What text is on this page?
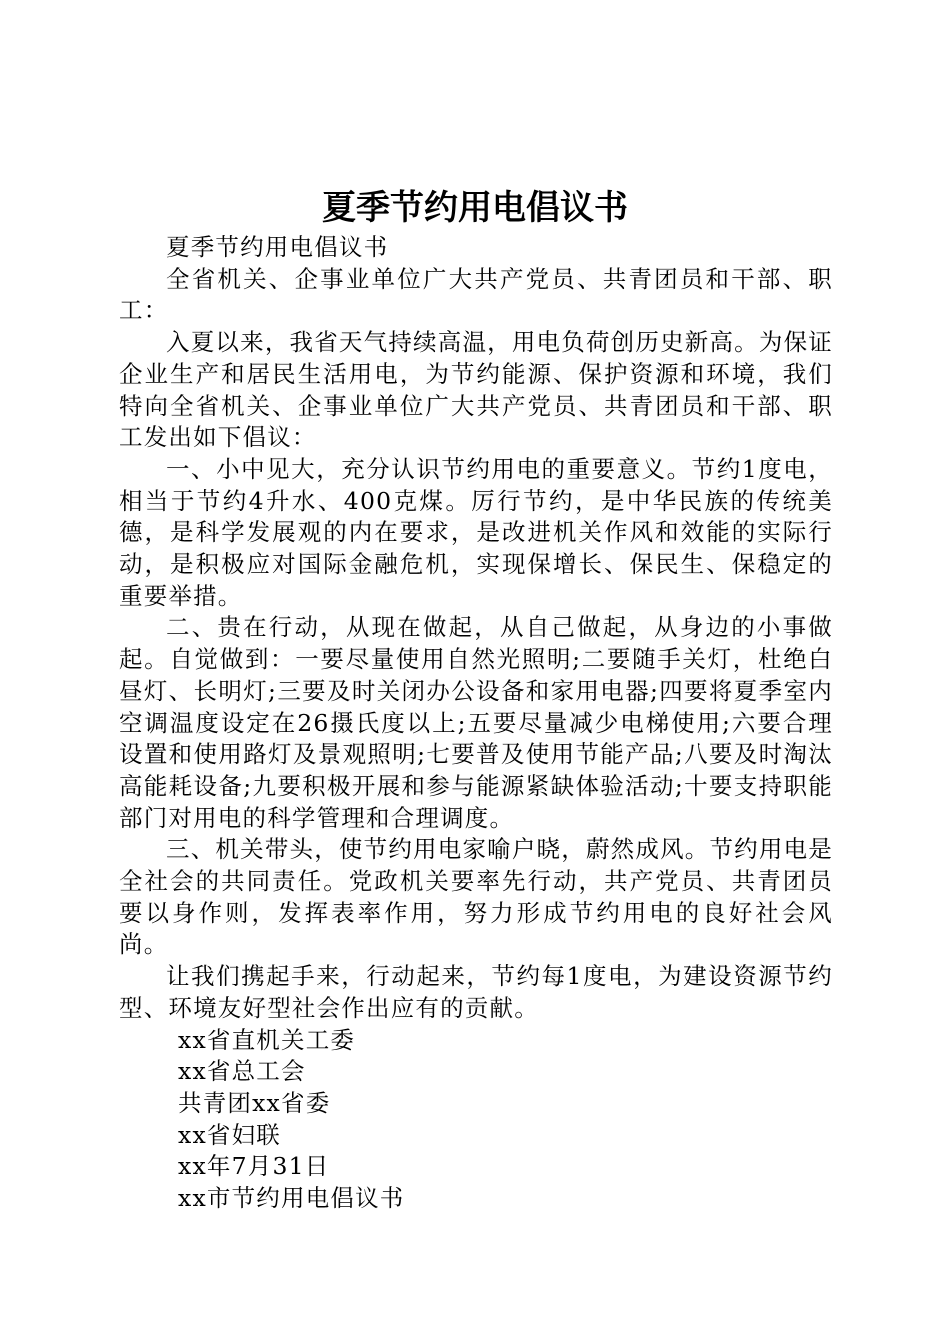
夏季节约用电倡议书

夏季节约用电倡议书

全省机关、企事业单位广大共产党员、共青团员和干部、职工：

入夏以来，我省天气持续高温，用电负荷创历史新高。为保证企业生产和居民生活用电，为节约能源、保护资源和环境，我们特向全省机关、企事业单位广大共产党员、共青团员和干部、职工发出如下倡议：

一、小中见大，充分认识节约用电的重要意义。节约1度电，相当于节约4升水、400克煤。厉行节约，是中华民族的传统美德，是科学发展观的内在要求，是改进机关作风和效能的实际行动，是积极应对国际金融危机，实现保增长、保民生、保稳定的重要举措。

二、贵在行动，从现在做起，从自己做起，从身边的小事做起。自觉做到：一要尽量使用自然光照明;二要随手关灯，杜绝白昼灯、长明灯;三要及时关闭办公设备和家用电器;四要将夏季室内空调温度设定在26摄氏度以上;五要尽量减少电梯使用;六要合理设置和使用路灯及景观照明;七要普及使用节能产品;八要及时淘汰高能耗设备;九要积极开展和参与能源紧缺体验活动;十要支持职能部门对用电的科学管理和合理调度。

三、机关带头，使节约用电家喻户晓，蔚然成风。节约用电是全社会的共同责任。党政机关要率先行动，共产党员、共青团员要以身作则，发挥表率作用，努力形成节约用电的良好社会风尚。

让我们携起手来，行动起来，节约每1度电，为建设资源节约型、环境友好型社会作出应有的贡献。

xx省直机关工委

xx省总工会

共青团xx省委

xx省妇联

xx年7月31日

xx市节约用电倡议书
